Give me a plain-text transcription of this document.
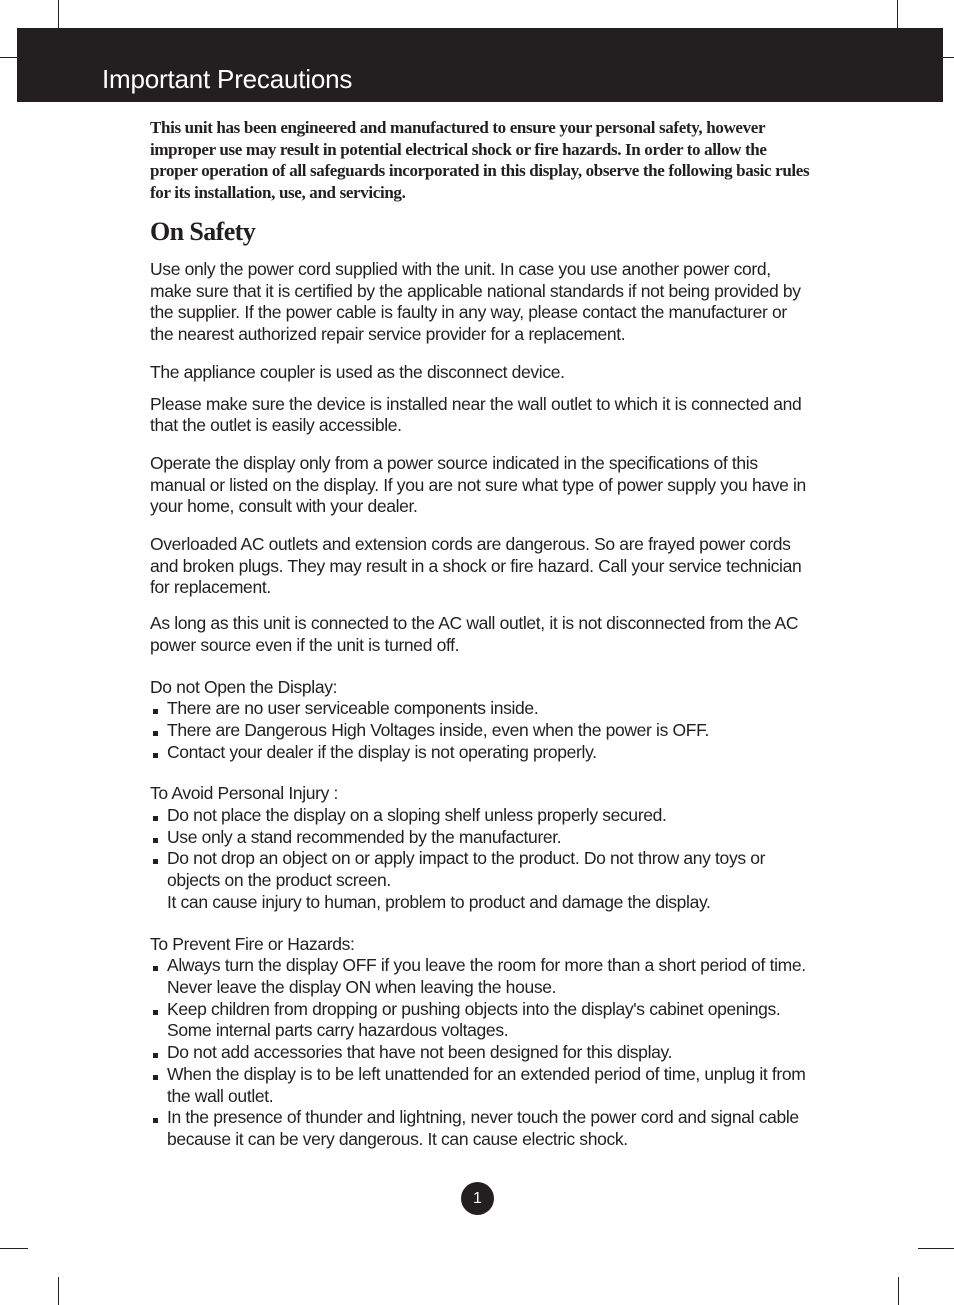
Important Precautions

This unit has been engineered and manufactured to ensure your personal safety, however improper use may result in potential electrical shock or fire hazards. In order to allow the proper operation of all safeguards incorporated in this display, observe the following basic rules for its installation, use, and servicing.

On Safety

Use only the power cord supplied with the unit. In case you use another power cord, make sure that it is certified by the applicable national standards if not being provided by the supplier. If the power cable is faulty in any way, please contact the manufacturer or the nearest authorized repair service provider for a replacement.

The appliance coupler is used as the disconnect device.

Please make sure the device is installed near the wall outlet to which it is connected and that the outlet is easily accessible.

Operate the display only from a power source indicated in the specifications of this manual or listed on the display. If you are not sure what type of power supply you have in your home, consult with your dealer.

Overloaded AC outlets and extension cords are dangerous. So are frayed power cords and broken plugs. They may result in a shock or fire hazard. Call your service technician for replacement.

As long as this unit is connected to the AC wall outlet, it is not disconnected from the AC power source even if the unit is turned off.

Do not Open the Display:

There are no user serviceable components inside.
There are Dangerous High Voltages inside, even when the power is OFF.
Contact your dealer if the display is not operating properly.

To Avoid Personal Injury :

Do not place the display on a sloping shelf unless properly secured.
Use only a stand recommended by the manufacturer.
Do not drop an object on or apply impact to the product. Do not throw any toys or objects on the product screen.
It can cause injury to human, problem to product and damage the display.

To Prevent Fire or Hazards:

Always turn the display OFF if you leave the room for more than a short period of time. Never leave the display ON when leaving the house.
Keep children from dropping or pushing objects into the display's cabinet openings. Some internal parts carry hazardous voltages.
Do not add accessories that have not been designed for this display.
When the display is to be left unattended for an extended period of time, unplug it from the wall outlet.
In the presence of thunder and lightning, never touch the power cord and signal cable because it can be very dangerous. It can cause electric shock.
1
